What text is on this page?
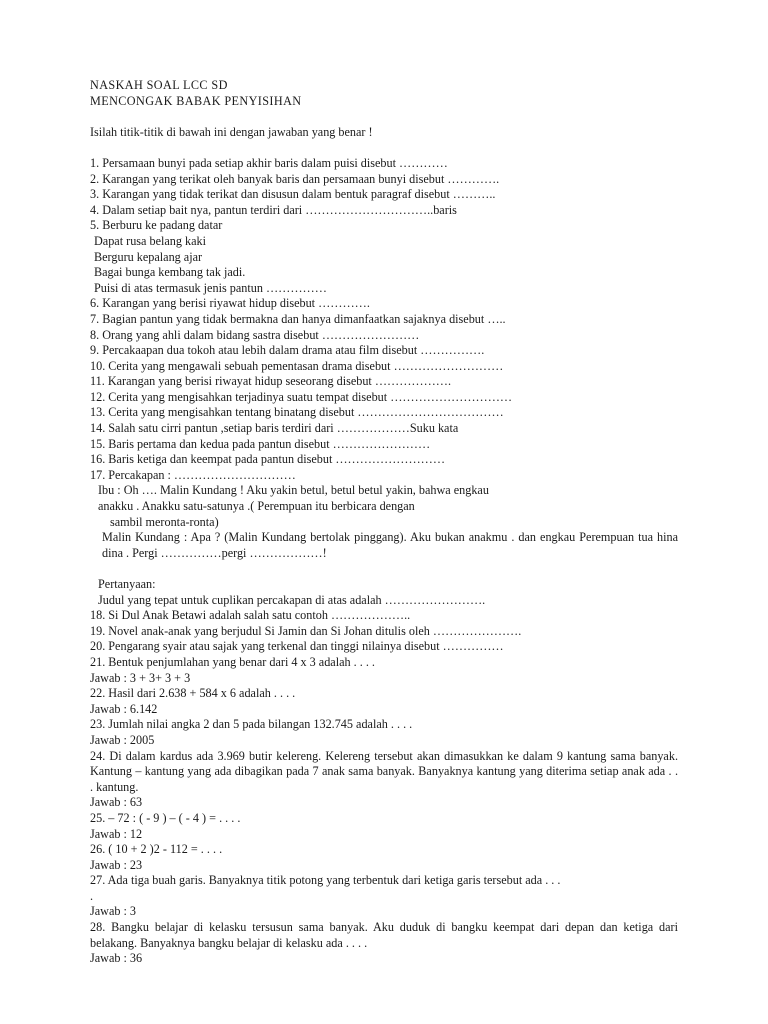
NASKAH SOAL LCC SD
MENCONGAK BABAK PENYISIHAN
Isilah titik-titik di bawah ini dengan jawaban yang benar !
1. Persamaan bunyi pada setiap akhir baris dalam puisi disebut …………
2. Karangan yang terikat oleh banyak baris dan persamaan bunyi disebut ………….
3. Karangan yang tidak terikat dan disusun dalam bentuk paragraf disebut ………..
4. Dalam setiap bait nya, pantun terdiri dari …………………………..baris
5. Berburu ke padang datar
Dapat rusa belang kaki
Berguru kepalang ajar
Bagai bunga kembang tak jadi.
Puisi di atas termasuk jenis pantun ……………
6. Karangan yang berisi riyawat hidup disebut ………….
7. Bagian pantun yang tidak bermakna dan hanya dimanfaatkan sajaknya disebut …..
8. Orang yang ahli dalam bidang sastra disebut ……………………
9. Percakaapan dua tokoh atau lebih dalam drama atau film disebut …………….
10. Cerita yang mengawali sebuah pementasan drama disebut ………………………
11. Karangan yang berisi riwayat hidup seseorang disebut ……………….
12. Cerita yang mengisahkan terjadinya suatu tempat disebut …………………………
13. Cerita yang mengisahkan tentang binatang disebut ………………………………
14. Salah satu cirri pantun ,setiap baris terdiri dari ………………Suku kata
15. Baris pertama dan kedua pada pantun disebut ……………………
16. Baris ketiga dan keempat pada pantun disebut ………………………
17. Percakapan : …………………………
Ibu : Oh …. Malin Kundang ! Aku yakin betul, betul betul yakin, bahwa engkau
anakku . Anakku satu-satunya .( Perempuan itu berbicara dengan
sambil meronta-ronta)
Malin Kundang : Apa ? (Malin Kundang bertolak pinggang). Aku bukan anakmu . dan engkau Perempuan tua hina dina . Pergi ……………pergi ………………!
Pertanyaan:
Judul yang tepat untuk cuplikan percakapan di atas adalah …………………….
18. Si Dul Anak Betawi adalah salah satu contoh ………………..
19. Novel anak-anak yang berjudul Si Jamin dan Si Johan ditulis oleh ………………….
20. Pengarang syair atau sajak yang terkenal dan tinggi nilainya disebut ……………
21. Bentuk penjumlahan yang benar dari 4 x 3 adalah . . . .
Jawab : 3 + 3+ 3 + 3
22. Hasil dari 2.638 + 584 x 6 adalah . . . .
Jawab : 6.142
23. Jumlah nilai angka 2 dan 5 pada bilangan 132.745 adalah . . . .
Jawab : 2005
24. Di dalam kardus ada 3.969 butir kelereng. Kelereng tersebut akan dimasukkan ke dalam 9 kantung sama banyak. Kantung – kantung yang ada dibagikan pada 7 anak sama banyak. Banyaknya kantung yang diterima setiap anak ada . . . kantung.
Jawab : 63
25. – 72 : ( - 9 ) – ( - 4 ) = . . . .
Jawab : 12
26. ( 10 + 2 )2 - 112 = . . . .
Jawab : 23
27. Ada tiga buah garis. Banyaknya titik potong yang terbentuk dari ketiga garis tersebut ada . . .
.
Jawab : 3
28. Bangku belajar di kelasku tersusun sama banyak. Aku duduk di bangku keempat dari depan dan ketiga dari belakang. Banyaknya bangku belajar di kelasku ada . . . .
Jawab : 36
